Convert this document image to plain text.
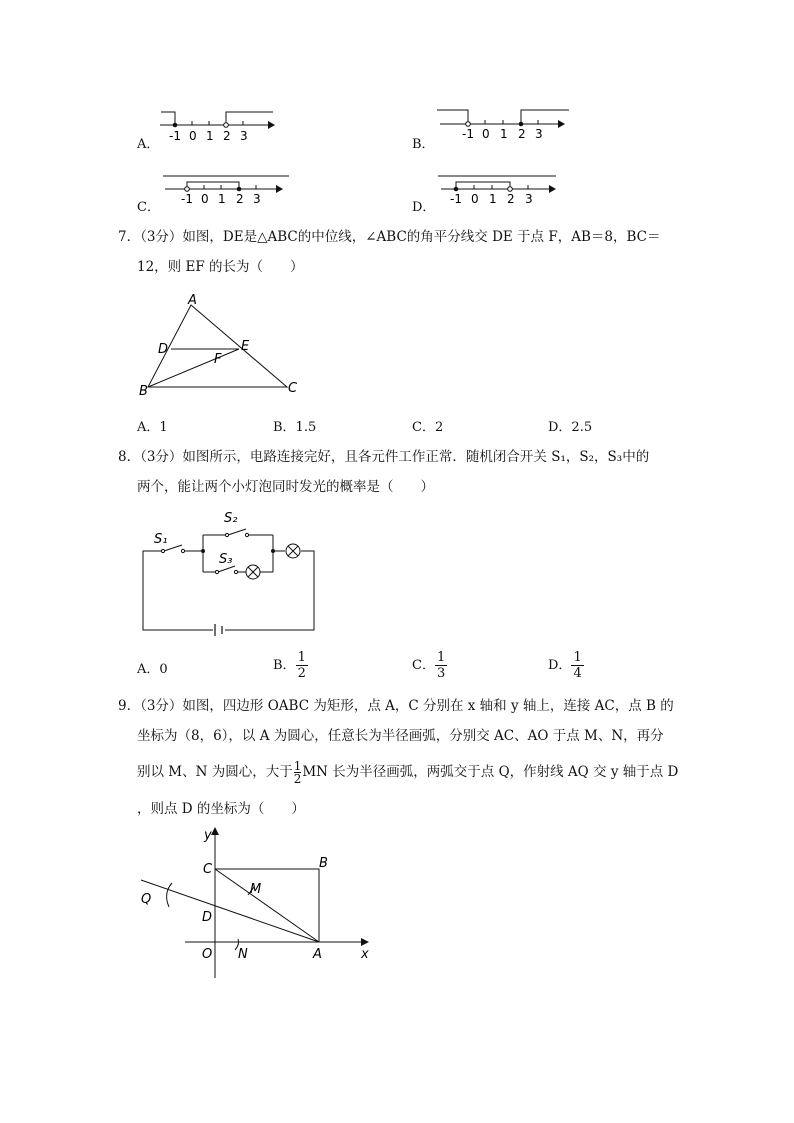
A．
-1 0 1 2 3
B．
-1 0 1 2 3
C．
-1 0 1 2 3
D．
-1 0 1 2 3
7．（3分）如图，DE是△ABC的中位线，∠ABC的角平分线交 DE 于点 F，AB＝8，BC＝
12，则 EF 的长为（　　）
A
D	E
F
B	C
A．1	B．1.5	C．2	D．2.5
8．（3分）如图所示，电路连接完好，且各元件工作正常．随机闭合开关 S₁，S₂，S₃中的
两个，能让两个小灯泡同时发光的概率是（　　）
S₁
S₂
S₃
A．0	B． $\frac{1}{2}$	C． $\frac{1}{3}$	D． $\frac{1}{4}$
9．（3分）如图，四边形 OABC 为矩形，点 A，C 分别在 x 轴和 y 轴上，连接 AC，点 B 的
坐标为（8，6），以 A 为圆心，任意长为半径画弧，分别交 AC、AO 于点 M、N，再分
别以 M、N 为圆心，大于 $\frac{1}{2}MN$ 长为半径画弧，两弧交于点 Q，作射线 AQ 交 y 轴于点 D
，则点 D 的坐标为（　　）
y
x
C	B
M
Q
D
O N	A
